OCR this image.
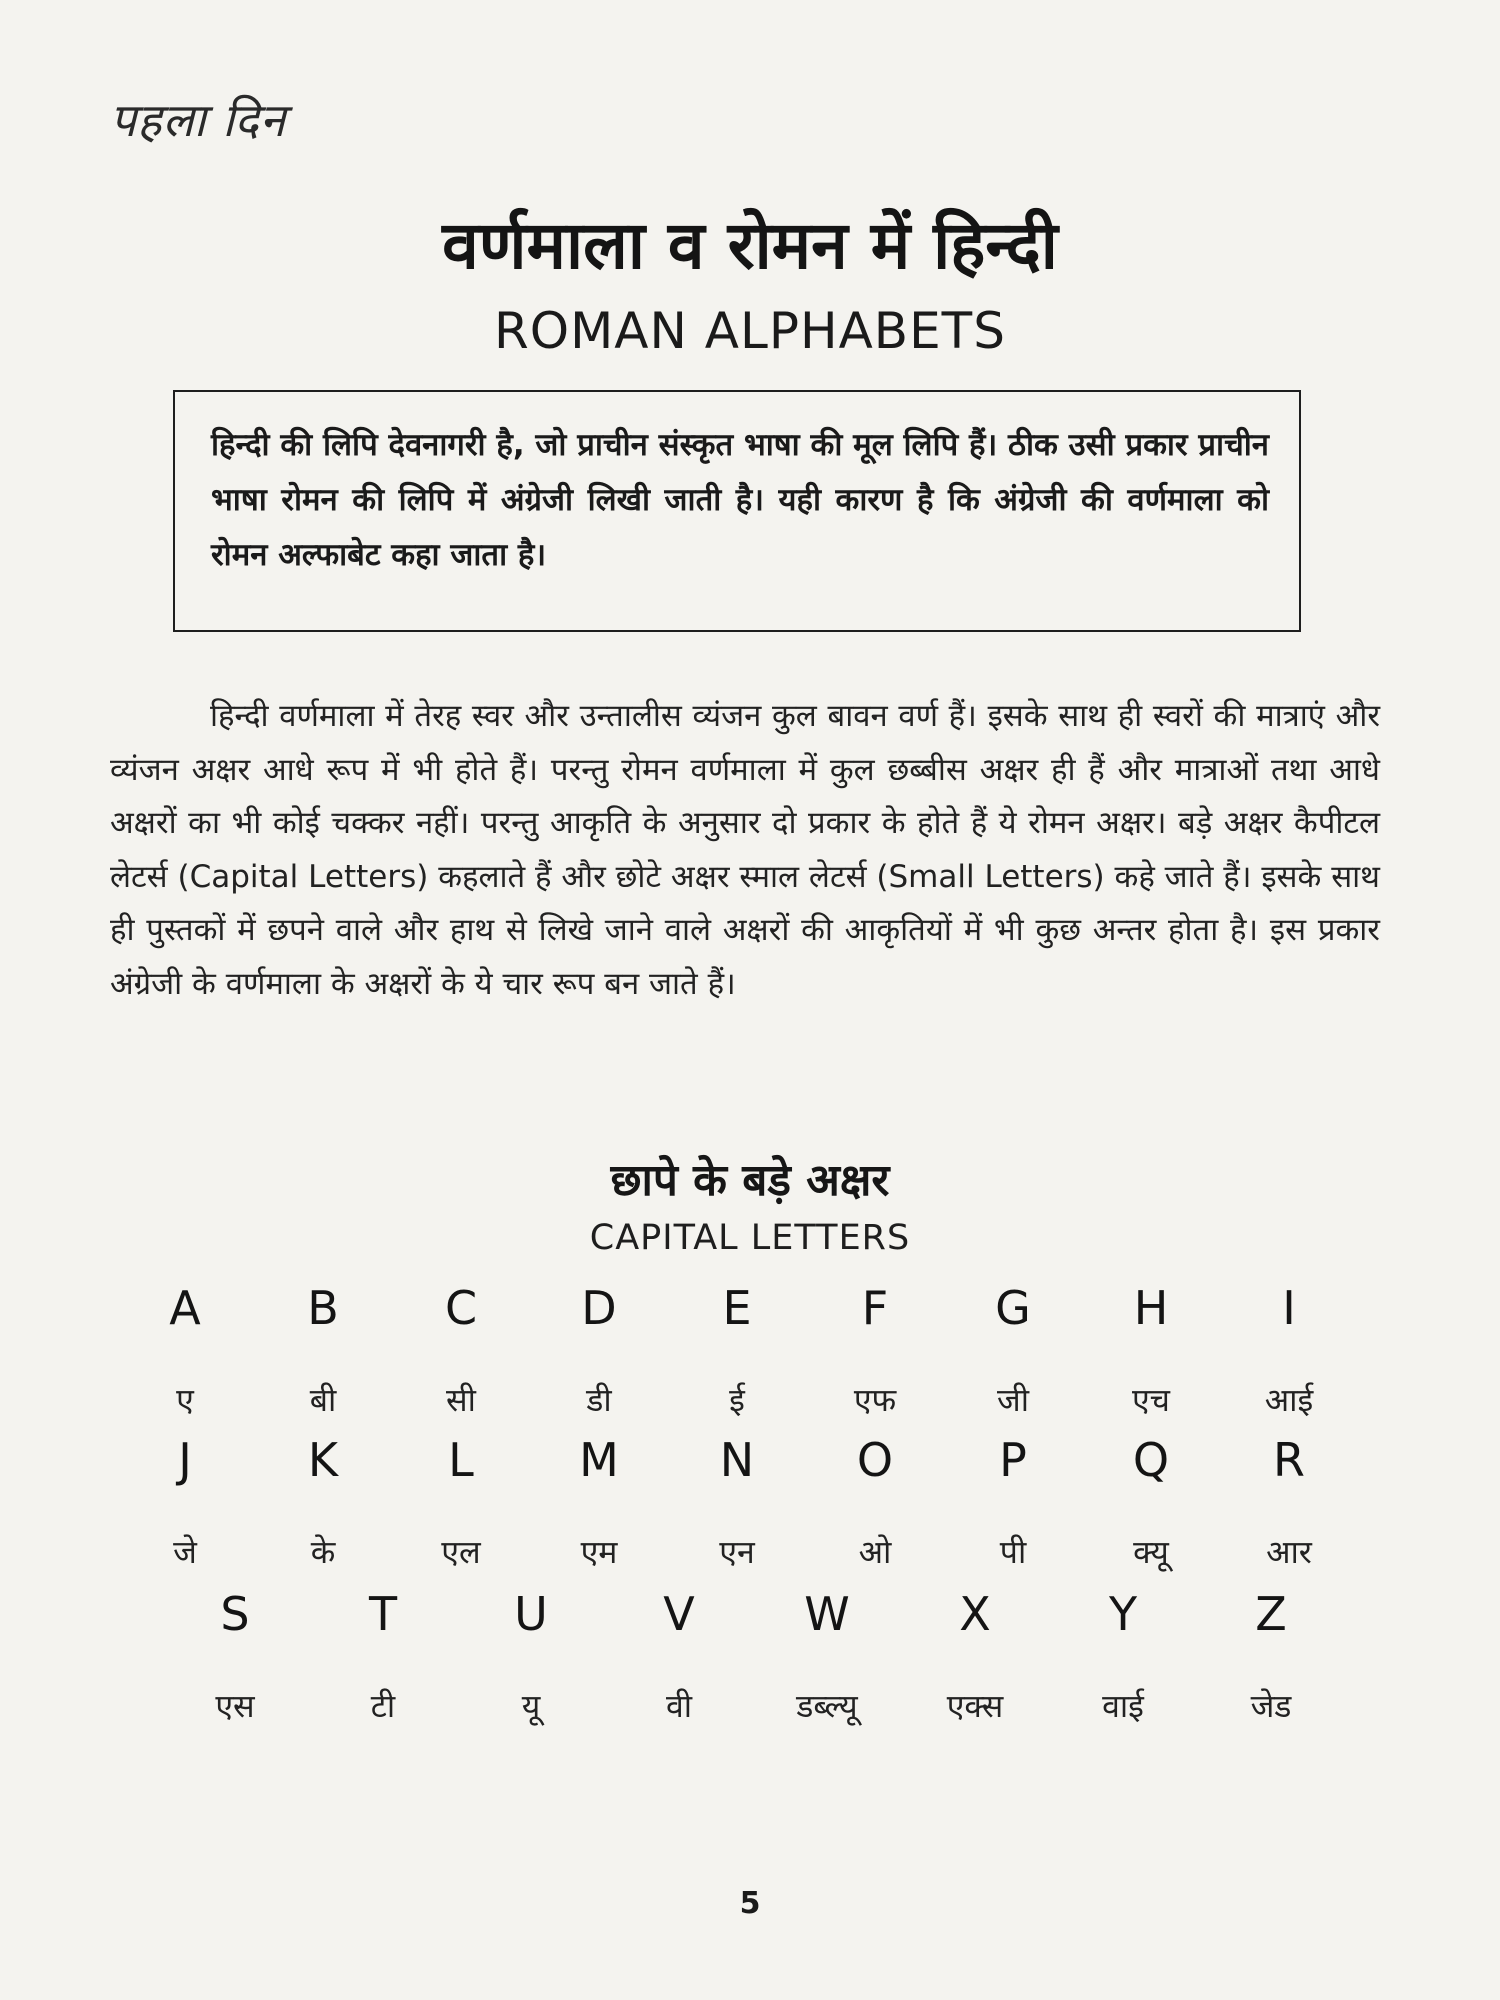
पहला दिन
वर्णमाला व रोमन में हिन्दी
ROMAN ALPHABETS

हिन्दी की लिपि देवनागरी है, जो प्राचीन संस्कृत भाषा की मूल लिपि हैं। ठीक उसी प्रकार प्राचीन भाषा रोमन की लिपि में अंग्रेजी लिखी जाती है। यही कारण है कि अंग्रेजी की वर्णमाला को रोमन अल्फाबेट कहा जाता है।

हिन्दी वर्णमाला में तेरह स्वर और उन्तालीस व्यंजन कुल बावन वर्ण हैं। इसके साथ ही स्वरों की मात्राएं और व्यंजन अक्षर आधे रूप में भी होते हैं। परन्तु रोमन वर्णमाला में कुल छब्बीस अक्षर ही हैं और मात्राओं तथा आधे अक्षरों का भी कोई चक्कर नहीं। परन्तु आकृति के अनुसार दो प्रकार के होते हैं ये रोमन अक्षर। बड़े अक्षर कैपीटल लेटर्स (Capital Letters) कहलाते हैं और छोटे अक्षर स्माल लेटर्स (Small Letters) कहे जाते हैं। इसके साथ ही पुस्तकों में छपने वाले और हाथ से लिखे जाने वाले अक्षरों की आकृतियों में भी कुछ अन्तर होता है। इस प्रकार अंग्रेजी के वर्णमाला के अक्षरों के ये चार रूप बन जाते हैं।

छापे के बड़े अक्षर
CAPITAL LETTERS
A
ए
B
बी
C
सी
D
डी
E
ई
F
एफ
G
जी
H
एच
I
आई
J
जे
K
के
L
एल
M
एम
N
एन
O
ओ
P
पी
Q
क्यू
R
आर
S
एस
T
टी
U
यू
V
वी
W
डब्ल्यू
X
एक्स
Y
वाई
Z
जेड
5
